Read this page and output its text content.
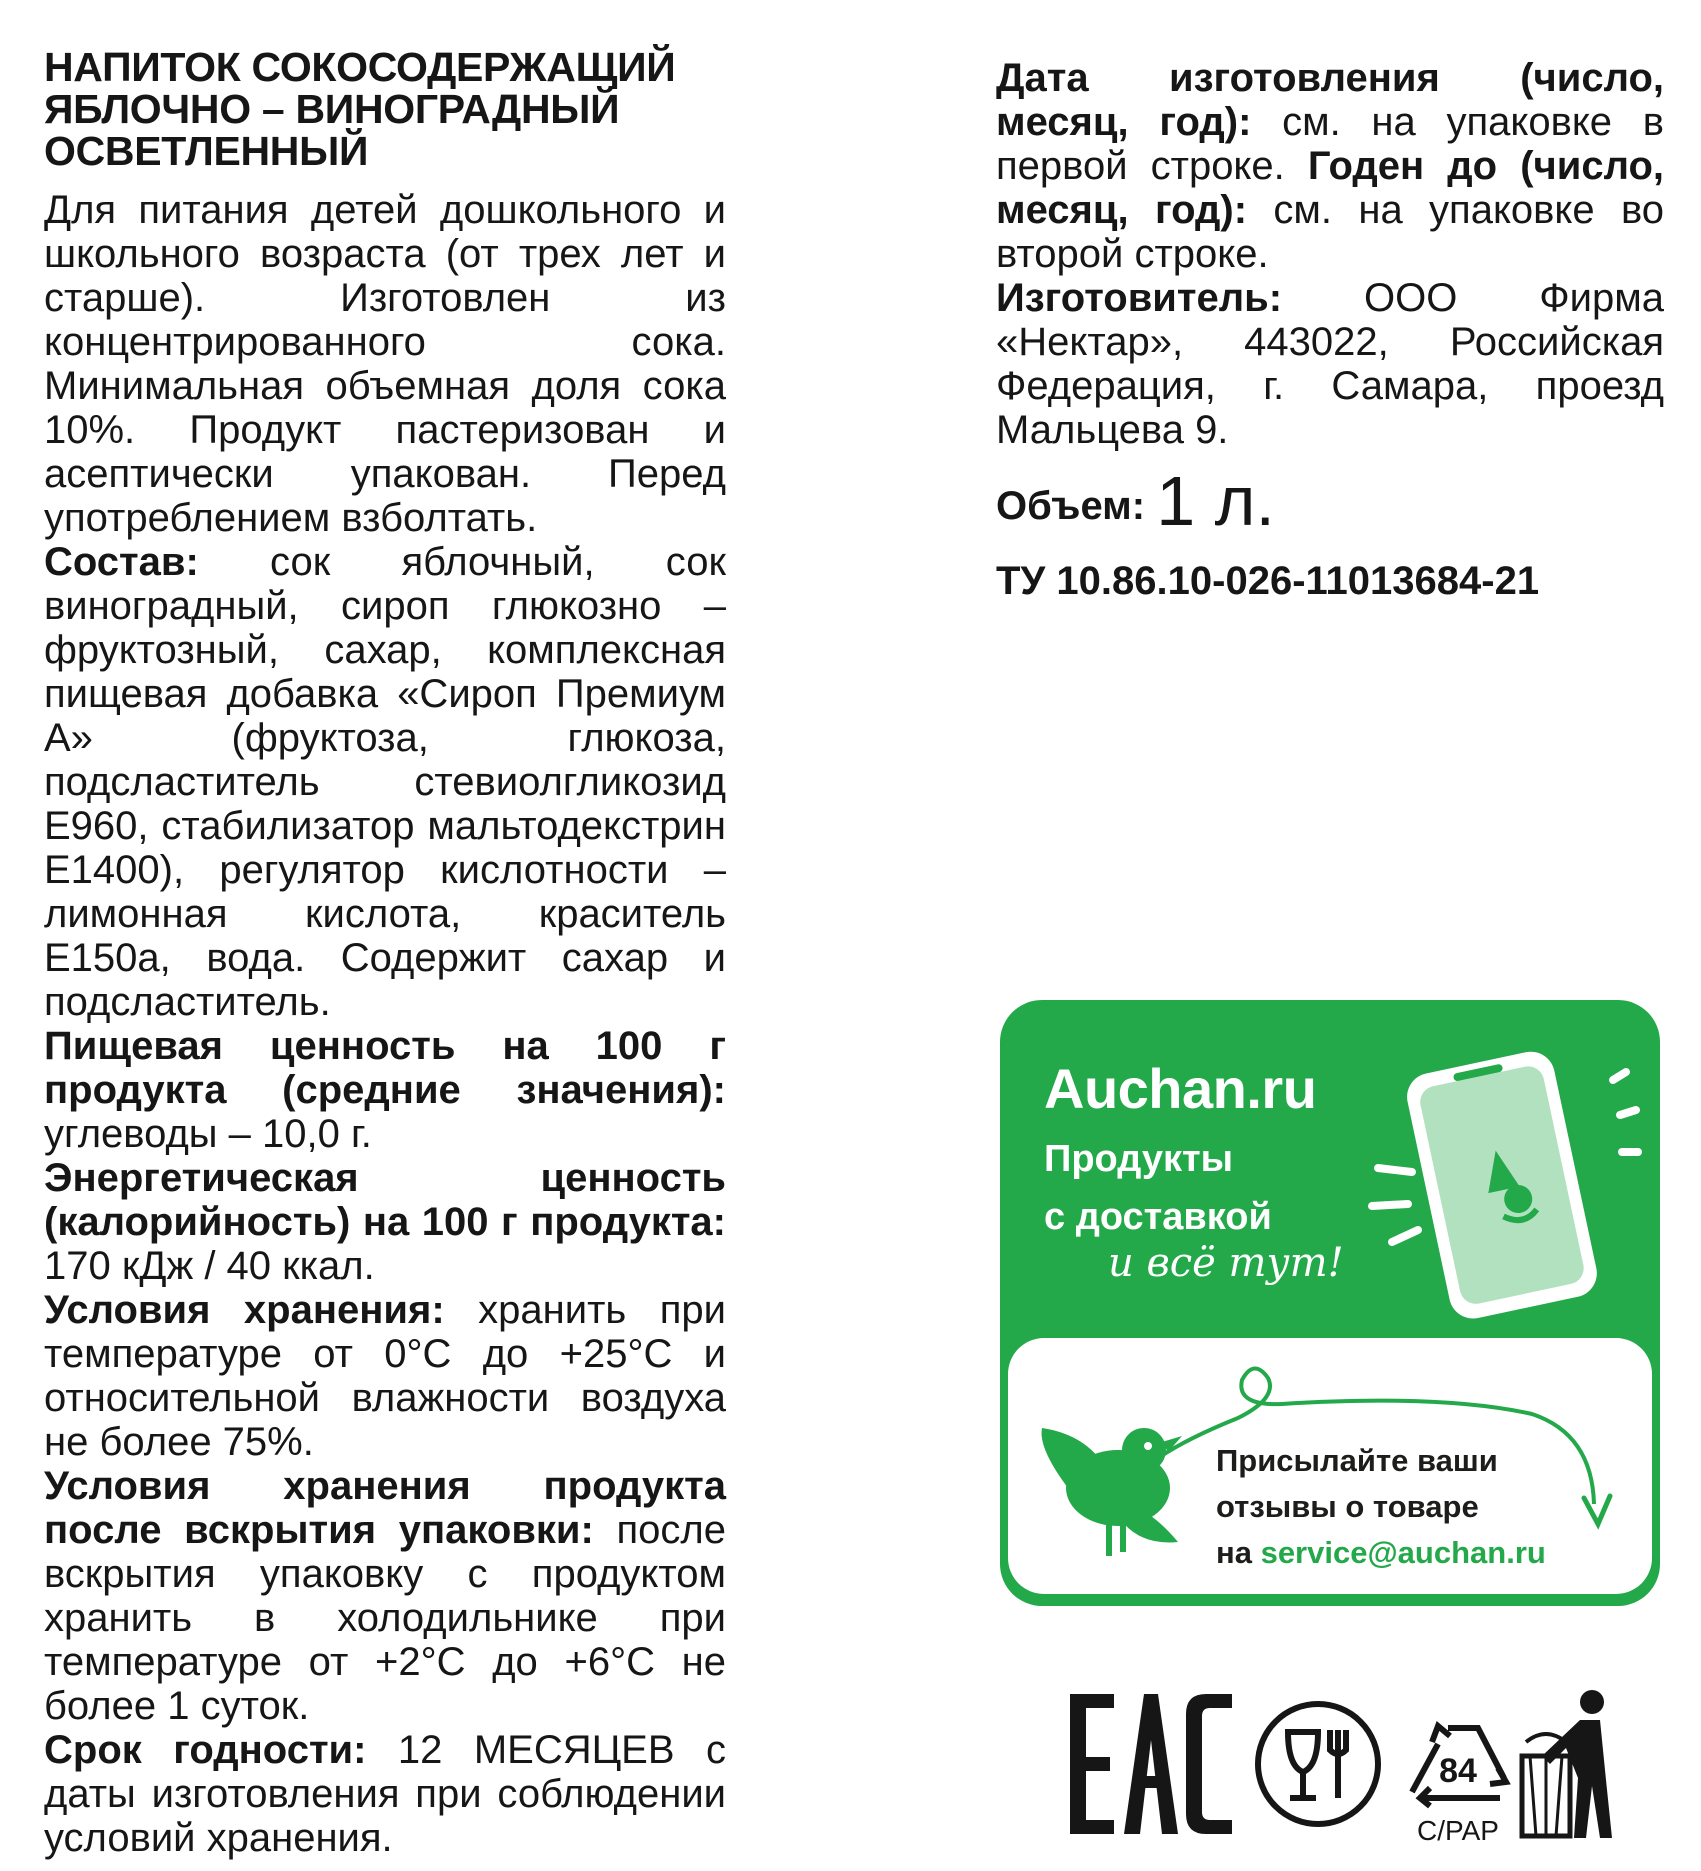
НАПИТОК СОКОСОДЕРЖАЩИЙ
ЯБЛОЧНО – ВИНОГРАДНЫЙ
ОСВЕТЛЕННЫЙ

Для питания детей дошкольного и школьного возраста (от трех лет и старше). Изготовлен из концентрированного сока. Минимальная объемная доля сока 10%. Продукт пастеризован и асептически упакован. Перед употреблением взболтать.

Состав: сок яблочный, сок виноградный, сироп глюкозно – фруктозный, сахар, комплексная пищевая добавка «Сироп Премиум А» (фруктоза, глюкоза, подсластитель стевиолгликозид Е960, стабилизатор мальтодекстрин Е1400), регулятор кислотности – лимонная кислота, краситель Е150а, вода. Содержит сахар и подсластитель.

Пищевая ценность на 100 г продукта (средние значения): углеводы – 10,0 г.

Энергетическая ценность (калорийность) на 100 г продукта: 170 кДж / 40 ккал.

Условия хранения: хранить при температуре от 0°С до +25°С и относительной влажности воздуха не более 75%.

Условия хранения продукта после вскрытия упаковки: после вскрытия упаковку с продуктом хранить в холодильнике при температуре от +2°С до +6°С не более 1 суток.

Срок годности: 12 МЕСЯЦЕВ с даты изготовления при соблюдении условий хранения.

Дата изготовления (число, месяц, год): см. на упаковке в первой строке. Годен до (число, месяц, год): см. на упаковке во второй строке.

Изготовитель: ООО Фирма «Нектар», 443022, Российская Федерация, г. Самара, проезд Мальцева 9.

Объем: 1 л.
ТУ 10.86.10-026-11013684-21
Auchan.ru
Продукты
с доставкой
и всё тут!
Присылайте ваши
отзывы о товаре
на service@auchan.ru
84
C/PAP
